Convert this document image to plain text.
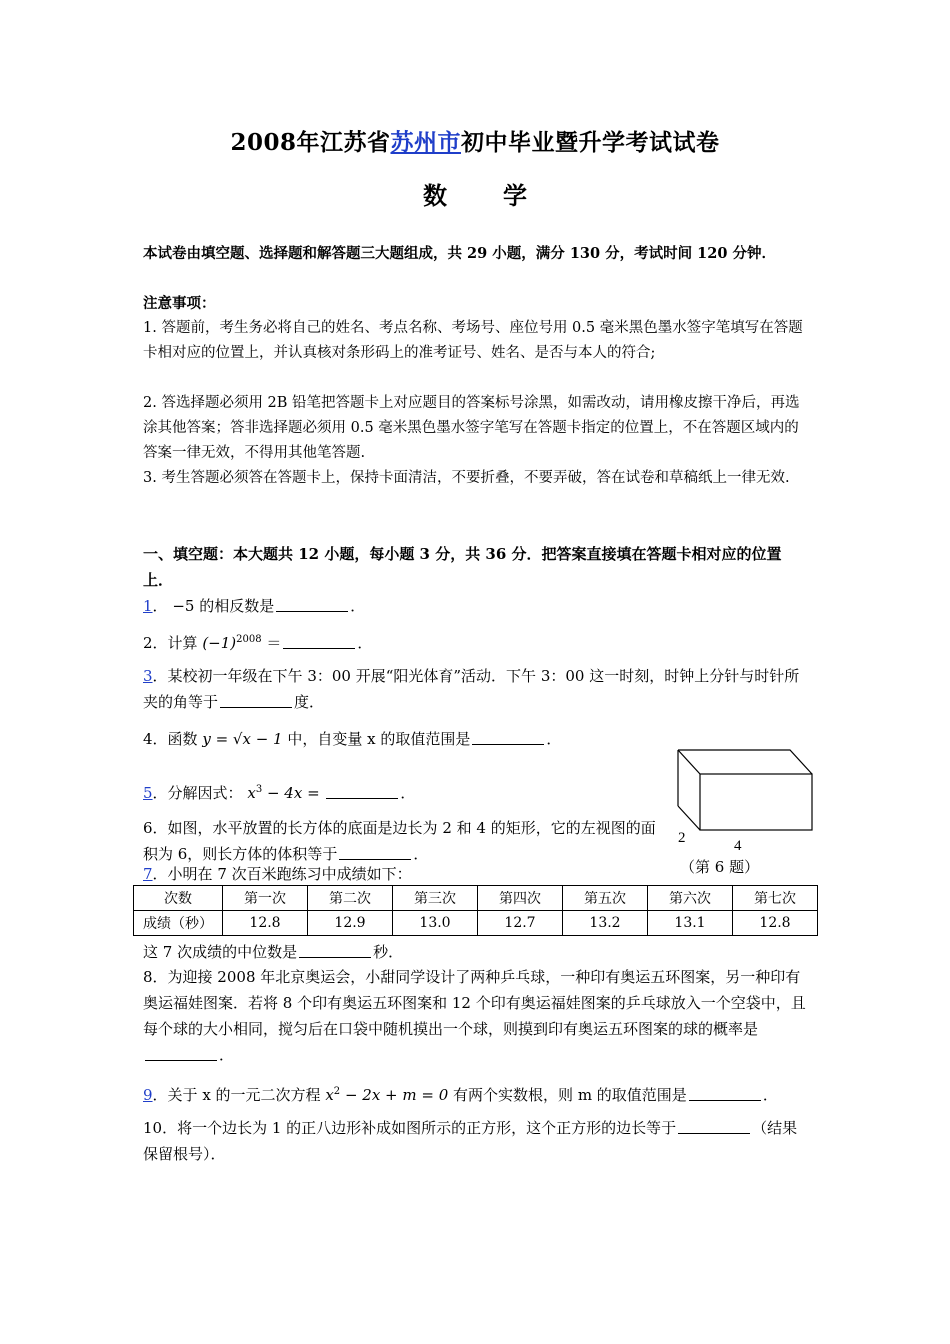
2008年江苏省苏州市初中毕业暨升学考试试卷
数 学
本试卷由填空题、选择题和解答题三大题组成，共 29 小题，满分 130 分，考试时间 120 分钟．
注意事项：
1. 答题前，考生务必将自己的姓名、考点名称、考场号、座位号用 0.5 毫米黑色墨水签字笔填写在答题卡相对应的位置上，并认真核对条形码上的准考证号、姓名、是否与本人的符合;
2. 答选择题必须用 2B 铅笔把答题卡上对应题目的答案标号涂黑，如需改动，请用橡皮擦干净后，再选涂其他答案；答非选择题必须用 0.5 毫米黑色墨水签字笔写在答题卡指定的位置上，不在答题区域内的答案一律无效，不得用其他笔答题.
3. 考生答题必须答在答题卡上，保持卡面清洁，不要折叠，不要弄破，答在试卷和草稿纸上一律无效.
一、填空题：本大题共 12 小题，每小题 3 分，共 36 分．把答案直接填在答题卡相对应的位置上．
1． −5 的相反数是	．
2．计算 $(-1)^{2008}$ ＝	．
3．某校初一年级在下午 3：00 开展“阳光体育”活动．下午 3：00 这一时刻，时钟上分针与时针所夹的角等于	度．
4．函数 y = √x − 1 中，自变量 x 的取值范围是	．
5．分解因式： $x^3 - 4x$ =	．
6．如图，水平放置的长方体的底面是边长为 2 和 4 的矩形，它的左视图的面积为 6，则长方体的体积等于	．
2	4
（第 6 题）
7．小明在 7 次百米跑练习中成绩如下：
次数	第一次	第二次	第三次	第四次	第五次	第六次	第七次
成绩（秒）	12.8	12.9	13.0	12.7	13.2	13.1	12.8
这 7 次成绩的中位数是	秒．
8．为迎接 2008 年北京奥运会，小甜同学设计了两种乒乓球，一种印有奥运五环图案，另一种印有奥运福娃图案．若将 8 个印有奥运五环图案和 12 个印有奥运福娃图案的乒乓球放入一个空袋中，且每个球的大小相同，搅匀后在口袋中随机摸出一个球，则摸到印有奥运五环图案的球的概率是．
9．关于 x 的一元二次方程 $x^2 - 2x + m = 0$ 有两个实数根，则 m 的取值范围是	．
10．将一个边长为 1 的正八边形补成如图所示的正方形，这个正方形的边长等于	（结果保留根号）．
